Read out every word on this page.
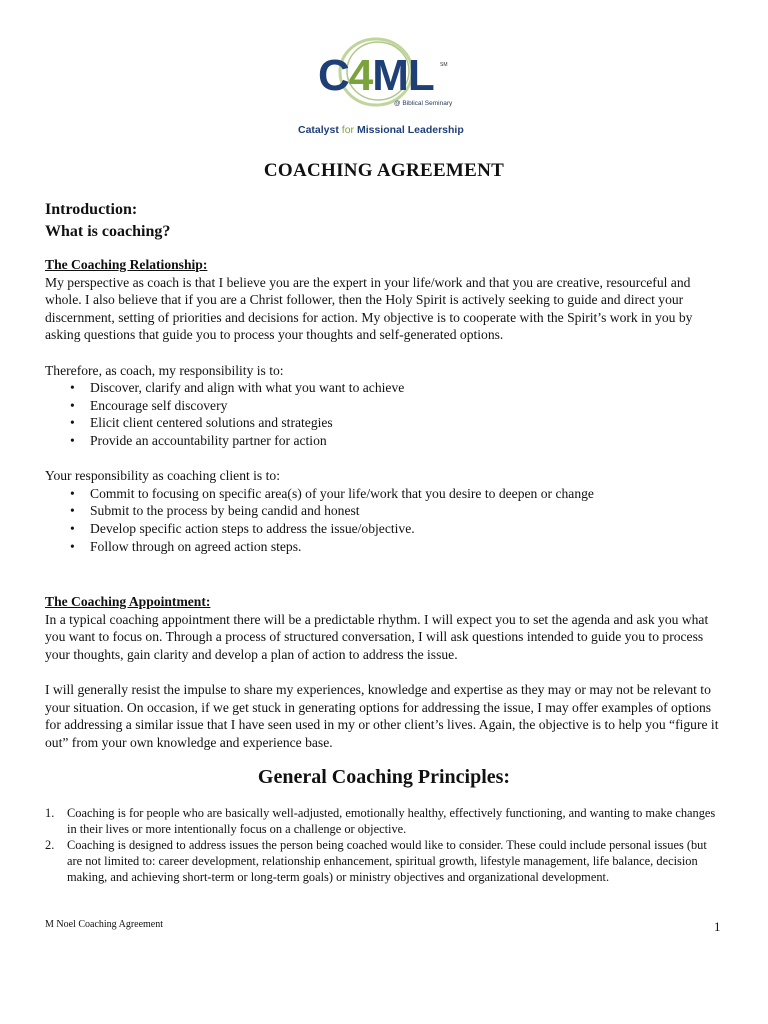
C4ML SM
@ Biblical Seminary
Catalyst for Missional Leadership
COACHING AGREEMENT
Introduction:
What is coaching?
The Coaching Relationship:

My perspective as coach is that I believe you are the expert in your life/work and that you are creative, resourceful and whole. I also believe that if you are a Christ follower, then the Holy Spirit is actively seeking to guide and direct your discernment, setting of priorities and decisions for action. My objective is to cooperate with the Spirit’s work in you by asking questions that guide you to process your thoughts and self-generated options.

Therefore, as coach, my responsibility is to:

• Discover, clarify and align with what you want to achieve
• Encourage self discovery
• Elicit client centered solutions and strategies
• Provide an accountability partner for action

Your responsibility as coaching client is to:

• Commit to focusing on specific area(s) of your life/work that you desire to deepen or change
• Submit to the process by being candid and honest
• Develop specific action steps to address the issue/objective.
• Follow through on agreed action steps.
The Coaching Appointment:

In a typical coaching appointment there will be a predictable rhythm. I will expect you to set the agenda and ask you what you want to focus on. Through a process of structured conversation, I will ask questions intended to guide you to process your thoughts, gain clarity and develop a plan of action to address the issue.

I will generally resist the impulse to share my experiences, knowledge and expertise as they may or may not be relevant to your situation. On occasion, if we get stuck in generating options for addressing the issue, I may offer examples of options for addressing a similar issue that I have seen used in my or other client’s lives. Again, the objective is to help you “figure it out” from your own knowledge and experience base.

General Coaching Principles:
1. Coaching is for people who are basically well-adjusted, emotionally healthy, effectively functioning, and wanting to make changes in their lives or more intentionally focus on a challenge or objective.
2. Coaching is designed to address issues the person being coached would like to consider. These could include personal issues (but are not limited to: career development, relationship enhancement, spiritual growth, lifestyle management, life balance, decision making, and achieving short-term or long-term goals) or ministry objectives and organizational development.
M Noel Coaching Agreement	1
